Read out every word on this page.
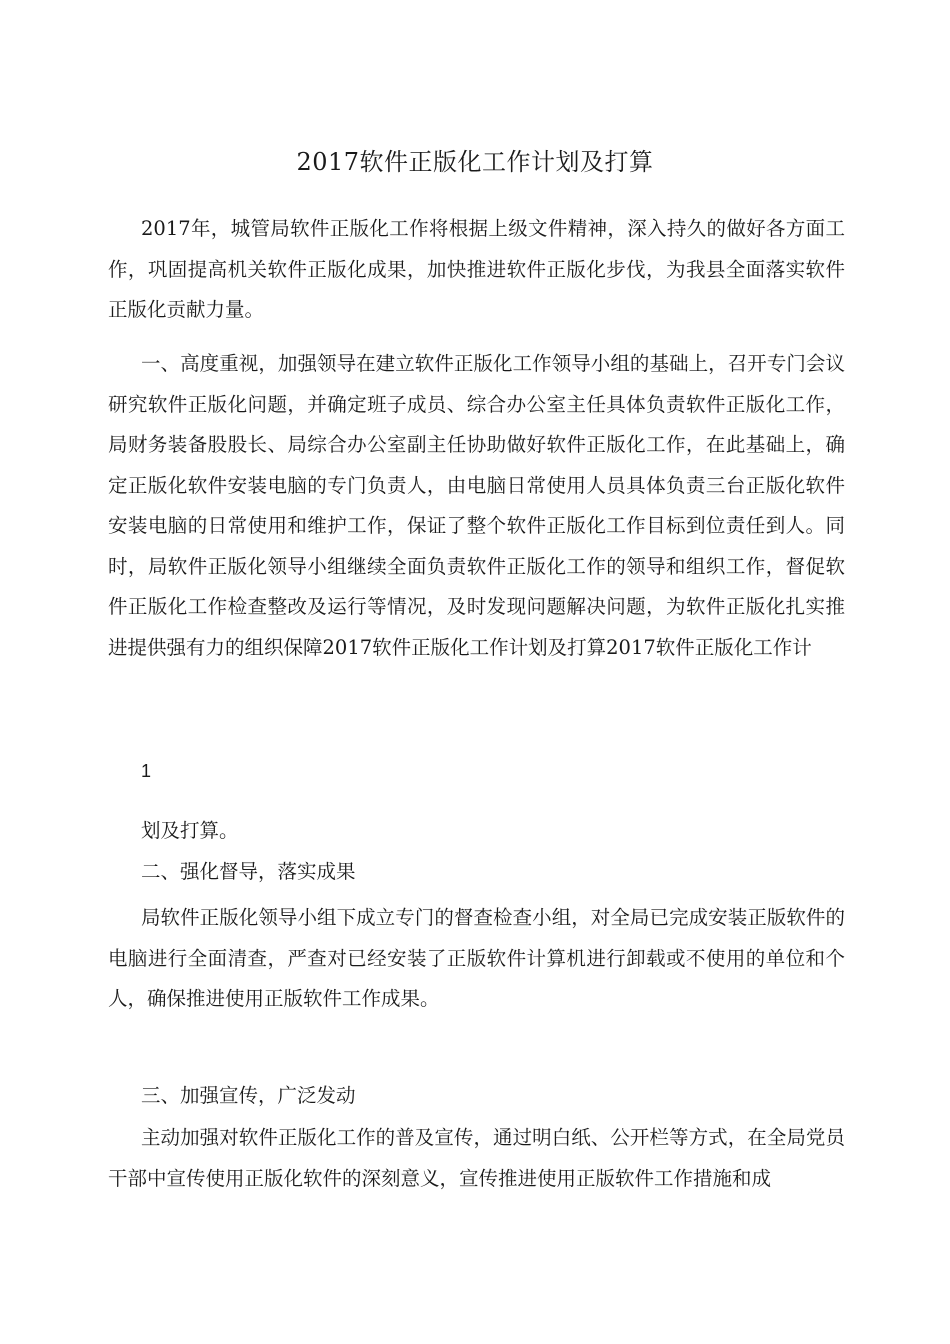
2017软件正版化工作计划及打算

2017年，城管局软件正版化工作将根据上级文件精神，深入持久的做好各方面工作，巩固提高机关软件正版化成果，加快推进软件正版化步伐，为我县全面落实软件正版化贡献力量。

一、高度重视，加强领导在建立软件正版化工作领导小组的基础上，召开专门会议研究软件正版化问题，并确定班子成员、综合办公室主任具体负责软件正版化工作，局财务装备股股长、局综合办公室副主任协助做好软件正版化工作，在此基础上，确定正版化软件安装电脑的专门负责人，由电脑日常使用人员具体负责三台正版化软件安装电脑的日常使用和维护工作，保证了整个软件正版化工作目标到位责任到人。同时，局软件正版化领导小组继续全面负责软件正版化工作的领导和组织工作，督促软件正版化工作检查整改及运行等情况，及时发现问题解决问题，为软件正版化扎实推进提供强有力的组织保障2017软件正版化工作计划及打算2017软件正版化工作计

1

划及打算。

二、强化督导，落实成果

局软件正版化领导小组下成立专门的督查检查小组，对全局已完成安装正版软件的电脑进行全面清查，严查对已经安装了正版软件计算机进行卸载或不使用的单位和个人，确保推进使用正版软件工作成果。

三、加强宣传，广泛发动

主动加强对软件正版化工作的普及宣传，通过明白纸、公开栏等方式，在全局党员干部中宣传使用正版化软件的深刻意义，宣传推进使用正版软件工作措施和成
